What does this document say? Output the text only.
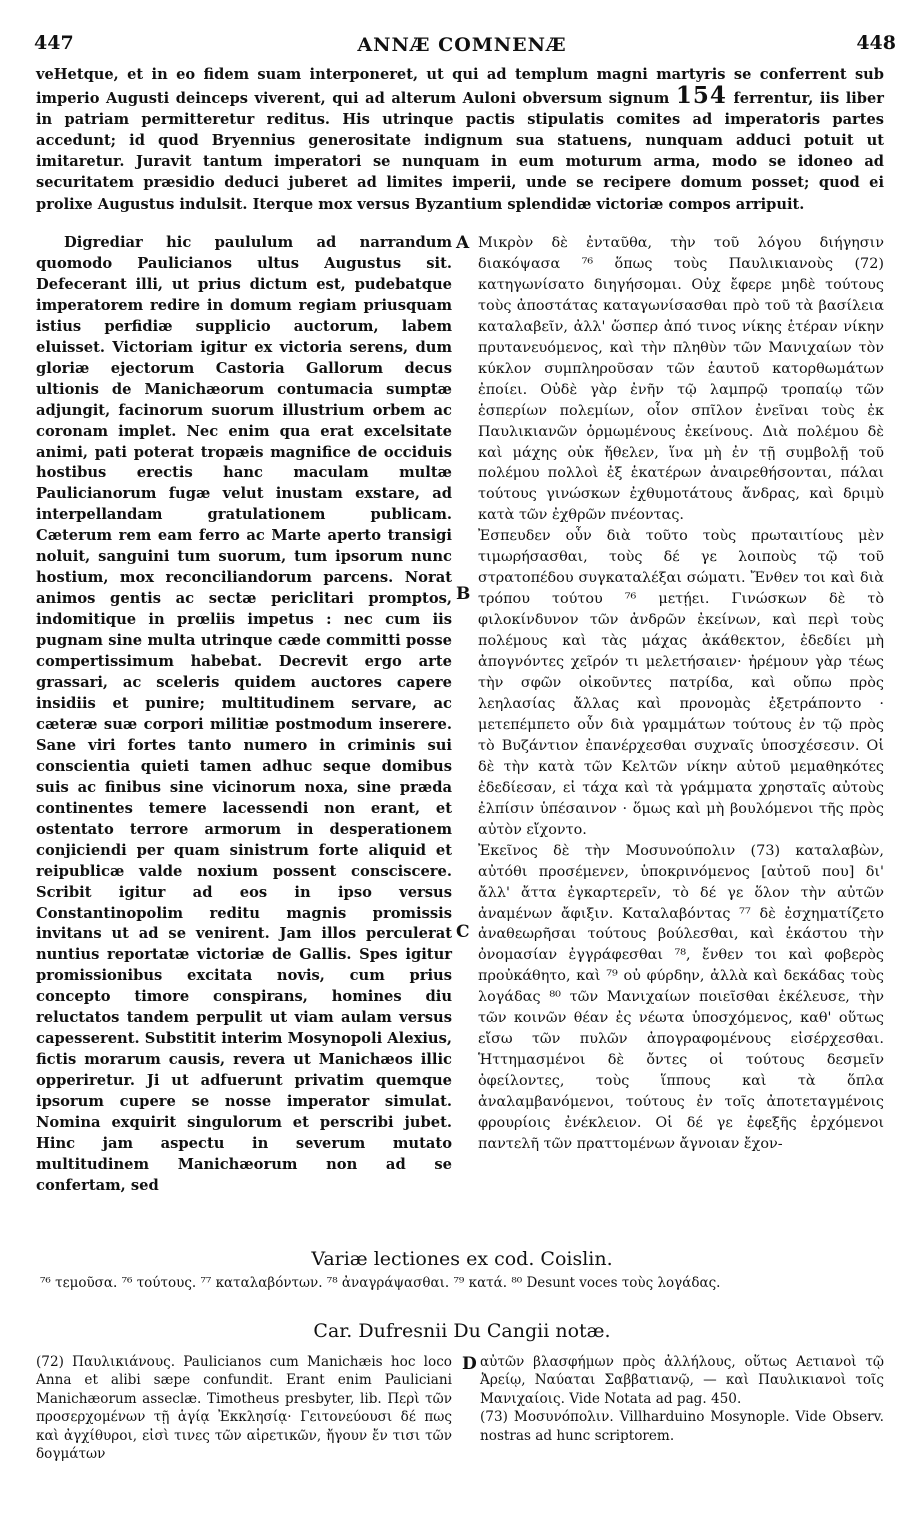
447	ANNÆ COMNENÆ	448

veHetque, et in eo fidem suam interponeret, ut qui ad templum magni martyris se conferrent sub imperio Augusti deinceps viverent, qui ad alterum Auloni obversum signum 154 ferrentur, iis liber in patriam permitteretur reditus. His utrinque pactis stipulatis comites ad imperatoris partes accedunt; id quod Bryennius generositate indignum sua statuens, nunquam adduci potuit ut imitaretur. Juravit tantum imperatori se nunquam in eum moturum arma, modo se idoneo ad securitatem præsidio deduci juberet ad limites imperii, unde se recipere domum posset; quod ei prolixe Augustus indulsit. Iterque mox versus Byzantium splendidæ victoriæ compos arripuit.

Digrediar hic paululum ad narrandum quomodo Paulicianos ultus Augustus sit. Defecerant illi, ut prius dictum est, pudebatque imperatorem redire in domum regiam priusquam istius perfidiæ supplicio auctorum, labem eluisset. Victoriam igitur ex victoria serens, dum gloriæ ejectorum Castoria Gallorum decus ultionis de Manichæorum contumacia sumptæ adjungit, facinorum suorum illustrium orbem ac coronam implet. Nec enim qua erat excelsitate animi, pati poterat tropæis magnifice de occiduis hostibus erectis hanc maculam multæ Paulicianorum fugæ velut inustam exstare, ad interpellandam gratulationem publicam. Cæterum rem eam ferro ac Marte aperto transigi noluit, sanguini tum suorum, tum ipsorum nunc hostium, mox reconciliandorum parcens. Norat animos gentis ac sectæ periclitari promptos, indomitique in prœliis impetus : nec cum iis pugnam sine multa utrinque cæde committi posse compertissimum habebat. Decrevit ergo arte grassari, ac sceleris quidem auctores capere insidiis et punire; multitudinem servare, ac cæteræ suæ corpori militiæ postmodum inserere. Sane viri fortes tanto numero in criminis sui conscientia quieti tamen adhuc seque domibus suis ac finibus sine vicinorum noxa, sine præda continentes temere lacessendi non erant, et ostentato terrore armorum in desperationem conjiciendi per quam sinistrum forte aliquid et reipublicæ valde noxium possent consciscere. Scribit igitur ad eos in ipso versus Constantinopolim reditu magnis promissis invitans ut ad se venirent. Jam illos perculerat nuntius reportatæ victoriæ de Gallis. Spes igitur promissionibus excitata novis, cum prius concepto timore conspirans, homines diu reluctatos tandem perpulit ut viam aulam versus capesserent. Substitit interim Mosynopoli Alexius, fictis morarum causis, revera ut Manichæos illic opperiretur. Ji ut adfuerunt privatim quemque ipsorum cupere se nosse imperator simulat. Nomina exquirit singulorum et perscribi jubet. Hinc jam aspectu in severum mutato multitudinem Manichæorum non ad se confertam, sed

A
B
C
D

Μικρὸν δὲ ἐνταῦθα, τὴν τοῦ λόγου διήγησιν διακόψασα ⁷⁶ ὅπως τοὺς Παυλικιανοὺς (72) κατηγωνίσατο διηγήσομαι. Οὐχ ἔφερε μηδὲ τούτους τοὺς ἀποστάτας καταγωνίσασθαι πρὸ τοῦ τὰ βασίλεια καταλαβεῖν, ἀλλ' ὥσπερ ἀπό τινος νίκης ἑτέραν νίκην πρυτανευόμενος, καὶ τὴν πληθὺν τῶν Μανιχαίων τὸν κύκλον συμπληροῦσαν τῶν ἑαυτοῦ κατορθωμάτων ἐποίει. Οὐδὲ γὰρ ἐνῆν τῷ λαμπρῷ τροπαίῳ τῶν ἑσπερίων πολεμίων, οἷον σπῖλον ἐνεῖναι τοὺς ἐκ Παυλικιανῶν ὁρμωμένους ἐκείνους. Διὰ πολέμου δὲ καὶ μάχης οὐκ ἤθελεν, ἵνα μὴ ἐν τῇ συμβολῇ τοῦ πολέμου πολλοὶ ἐξ ἑκατέρων ἀναιρεθήσονται, πάλαι τούτους γινώσκων ἐχθυμοτάτους ἄνδρας, καὶ δριμὺ κατὰ τῶν ἐχθρῶν πνέοντας.

Ἐσπευδεν οὖν διὰ τοῦτο τοὺς πρωταιτίους μὲν τιμωρήσασθαι, τοὺς δέ γε λοιποὺς τῷ τοῦ στρατοπέδου συγκαταλέξαι σώματι. Ἔνθεν τοι καὶ διὰ τρόπου τούτου ⁷⁶ μετῄει. Γινώσκων δὲ τὸ φιλοκίνδυνον τῶν ἀνδρῶν ἐκείνων, καὶ περὶ τοὺς πολέμους καὶ τὰς μάχας ἀκάθεκτον, ἐδεδίει μὴ ἀπογνόντες χεῖρόν τι μελετήσαιεν· ἠρέμουν γὰρ τέως τὴν σφῶν οἰκοῦντες πατρίδα, καὶ οὔπω πρὸς λεηλασίας ἄλλας καὶ προνομὰς ἐξετράποντο · μετεπέμπετο οὖν διὰ γραμμάτων τούτους ἐν τῷ πρὸς τὸ Βυζάντιον ἐπανέρχεσθαι συχναῖς ὑποσχέσεσιν. Οἱ δὲ τὴν κατὰ τῶν Κελτῶν νίκην αὐτοῦ μεμαθηκότες ἐδεδίεσαν, εἰ τάχα καὶ τὰ γράμματα χρησταῖς αὐτοὺς ἐλπίσιν ὑπέσαινον · ὅμως καὶ μὴ βουλόμενοι τῆς πρὸς αὐτὸν εἴχοντο.

Ἐκεῖνος δὲ τὴν Μοσυνούπολιν (73) καταλαβὼν, αὐτόθι προσέμενεν, ὑποκρινόμενος [αὐτοῦ που] δι' ἄλλ' ἄττα ἐγκαρτερεῖν, τὸ δέ γε ὅλον τὴν αὐτῶν ἀναμένων ἄφιξιν. Καταλαβόντας ⁷⁷ δὲ ἐσχηματίζετο ἀναθεωρῆσαι τούτους βούλεσθαι, καὶ ἑκάστου τὴν ὀνομασίαν ἐγγράφεσθαι ⁷⁸, ἔνθεν τοι καὶ φοβερὸς προὐκάθητο, καὶ ⁷⁹ οὐ φύρδην, ἀλλὰ καὶ δεκάδας τοὺς λογάδας ⁸⁰ τῶν Μανιχαίων ποιεῖσθαι ἐκέλευσε, τὴν τῶν κοινῶν θέαν ἐς νέωτα ὑποσχόμενος, καθ' οὕτως εἴσω τῶν πυλῶν ἀπογραφομένους εἰσέρχεσθαι. Ἡττημασμένοι δὲ ὄντες οἱ τούτους δεσμεῖν ὀφείλοντες, τοὺς ἵππους καὶ τὰ ὅπλα ἀναλαμβανόμενοι, τούτους ἐν τοῖς ἀποτεταγμένοις φρουρίοις ἐνέκλειον. Οἱ δέ γε ἐφεξῆς ἐρχόμενοι παντελῆ τῶν πραττομένων ἄγνοιαν ἔχον-

Variæ lectiones ex cod. Coislin.

⁷⁶ τεμοῦσα. ⁷⁶ τούτους. ⁷⁷ καταλαβόντων. ⁷⁸ ἀναγράψασθαι. ⁷⁹ κατά. ⁸⁰ Desunt voces τοὺς λογάδας.

Car. Dufresnii Du Cangii notæ.

(72) Παυλικιάνους. Paulicianos cum Manichæis hoc loco Anna et alibi sæpe confundit. Erant enim Pauliciani Manichæorum asseclæ. Timotheus presbyter, lib. Περὶ τῶν προσερχομένων τῇ ἁγίᾳ Ἐκκλησίᾳ· Γειτονεύουσι δέ πως καὶ ἀγχίθυροι, εἰσὶ τινες τῶν αἱρετικῶν, ἤγουν ἔν τισι τῶν δογμάτων

αὐτῶν βλασφήμων πρὸς ἀλλήλους, οὕτως Αετιανοὶ τῷ Ἀρείῳ, Ναύαται Σαββατιανῷ, — καὶ Παυλικιανοὶ τοῖς Μανιχαίοις. Vide Notata ad pag. 450.

(73) Μοσυνόπολιν. Villharduino Mosynople. Vide Observ. nostras ad hunc scriptorem.
